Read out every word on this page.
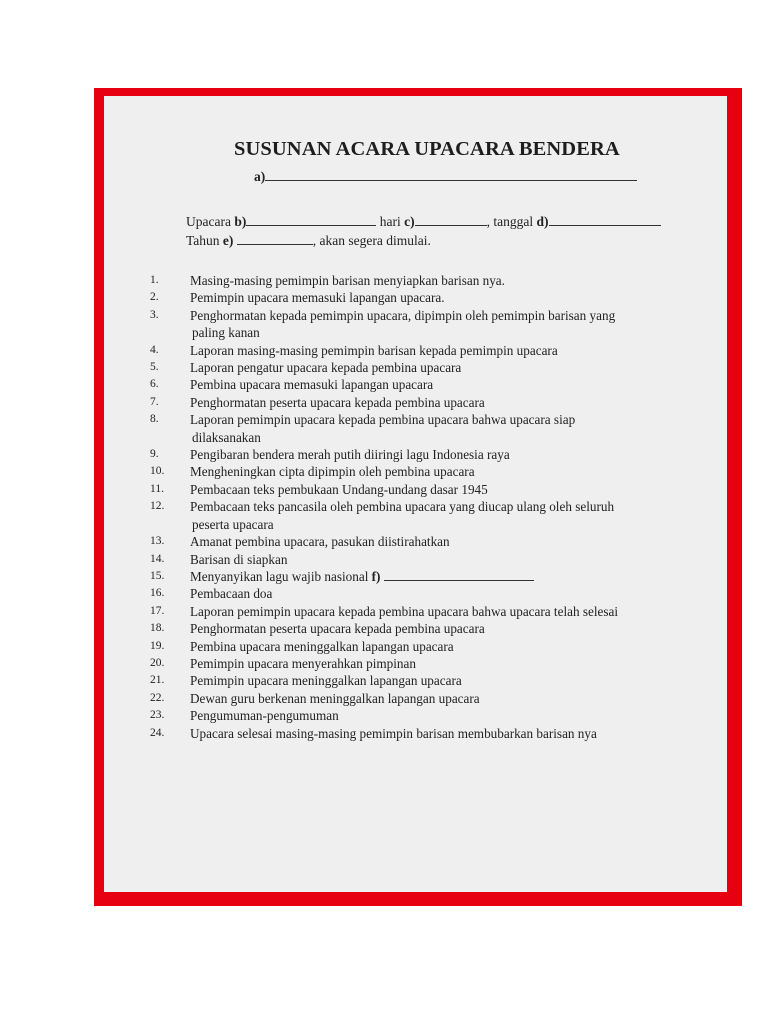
SUSUNAN ACARA UPACARA BENDERA
a)
Upacara b)	hari c)	, tanggal d)
Tahun e)	, akan segera dimulai.
1. Masing-masing pemimpin barisan menyiapkan barisan nya.
2. Pemimpin upacara memasuki lapangan upacara.
3. Penghormatan kepada pemimpin upacara, dipimpin oleh pemimpin barisan yang
paling kanan
4. Laporan masing-masing pemimpin barisan kepada pemimpin upacara
5. Laporan pengatur upacara kepada pembina upacara
6. Pembina upacara memasuki lapangan upacara
7. Penghormatan peserta upacara kepada pembina upacara
8. Laporan pemimpin upacara kepada pembina upacara bahwa upacara siap
dilaksanakan
9. Pengibaran bendera merah putih diiringi lagu Indonesia raya
10. Mengheningkan cipta dipimpin oleh pembina upacara
11. Pembacaan teks pembukaan Undang-undang dasar 1945
12. Pembacaan teks pancasila oleh pembina upacara yang diucap ulang oleh seluruh
peserta upacara
13. Amanat pembina upacara, pasukan diistirahatkan
14. Barisan di siapkan
15. Menyanyikan lagu wajib nasional f)
16. Pembacaan doa
17. Laporan pemimpin upacara kepada pembina upacara bahwa upacara telah selesai
18. Penghormatan peserta upacara kepada pembina upacara
19. Pembina upacara meninggalkan lapangan upacara
20. Pemimpin upacara menyerahkan pimpinan
21. Pemimpin upacara meninggalkan lapangan upacara
22. Dewan guru berkenan meninggalkan lapangan upacara
23. Pengumuman-pengumuman
24. Upacara selesai masing-masing pemimpin barisan membubarkan barisan nya
